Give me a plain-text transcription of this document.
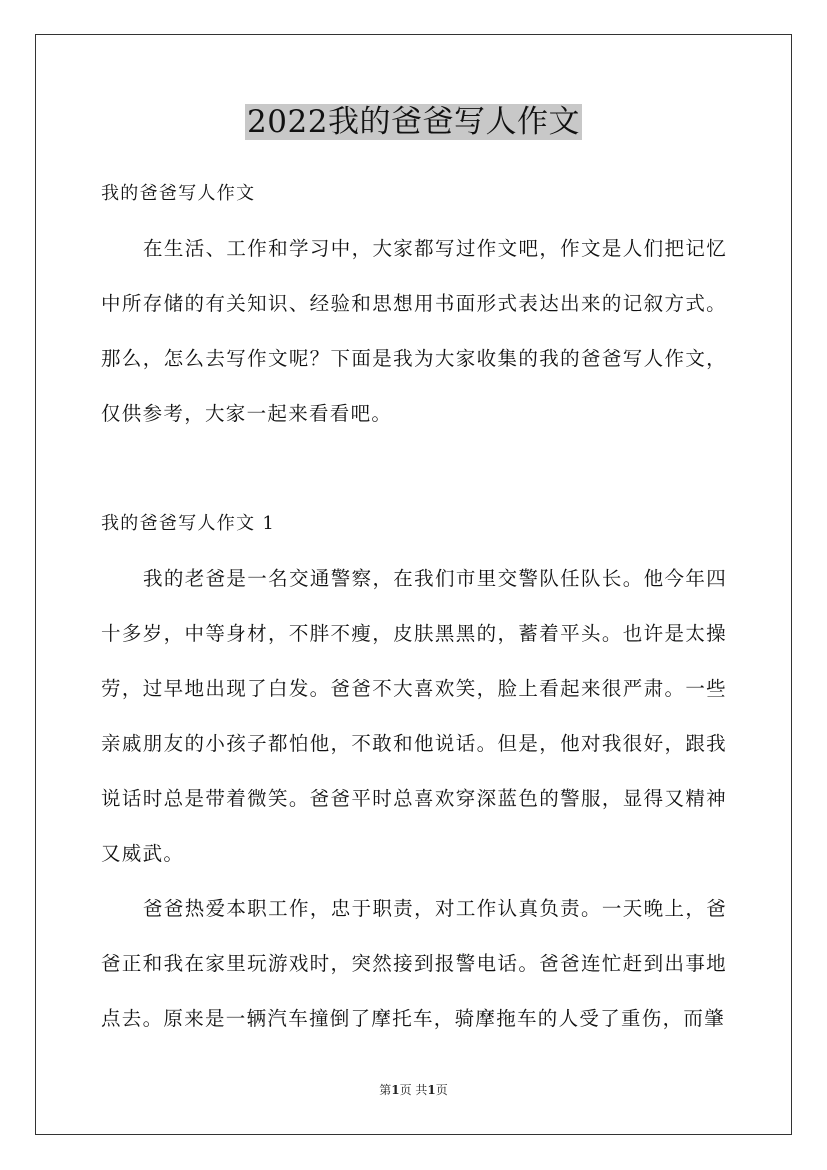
2022我的爸爸写人作文

我的爸爸写人作文

在生活、工作和学习中，大家都写过作文吧，作文是人们把记忆中所存储的有关知识、经验和思想用书面形式表达出来的记叙方式。那么，怎么去写作文呢？下面是我为大家收集的我的爸爸写人作文，仅供参考，大家一起来看看吧。

我的爸爸写人作文 1

我的老爸是一名交通警察，在我们市里交警队任队长。他今年四十多岁，中等身材，不胖不瘦，皮肤黑黑的，蓄着平头。也许是太操劳，过早地出现了白发。爸爸不大喜欢笑，脸上看起来很严肃。一些亲戚朋友的小孩子都怕他，不敢和他说话。但是，他对我很好，跟我说话时总是带着微笑。爸爸平时总喜欢穿深蓝色的警服，显得又精神又威武。

爸爸热爱本职工作，忠于职责，对工作认真负责。一天晚上，爸爸正和我在家里玩游戏时，突然接到报警电话。爸爸连忙赶到出事地点去。原来是一辆汽车撞倒了摩托车，骑摩拖车的人受了重伤，而肇

第1页 共1页
